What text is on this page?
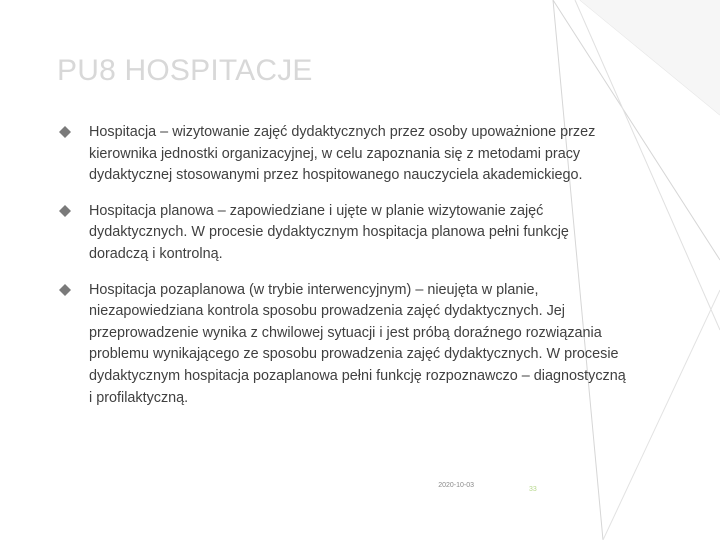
PU8 HOSPITACJE
Hospitacja – wizytowanie zajęć dydaktycznych przez osoby upoważnione przez kierownika jednostki organizacyjnej, w celu zapoznania się z metodami pracy dydaktycznej stosowanymi przez hospitowanego nauczyciela akademickiego.
Hospitacja planowa – zapowiedziane i ujęte w planie wizytowanie zajęć dydaktycznych. W procesie dydaktycznym hospitacja planowa pełni funkcję doradczą i kontrolną.
Hospitacja pozaplanowa (w trybie interwencyjnym) – nieujęta w planie, niezapowiedziana kontrola sposobu prowadzenia zajęć dydaktycznych. Jej przeprowadzenie wynika z chwilowej sytuacji i jest próbą doraźnego rozwiązania problemu wynikającego ze sposobu prowadzenia zajęć dydaktycznych. W procesie dydaktycznym hospitacja pozaplanowa pełni funkcję rozpoznawczo – diagnostyczną i profilaktyczną.
2020-10-03
33
